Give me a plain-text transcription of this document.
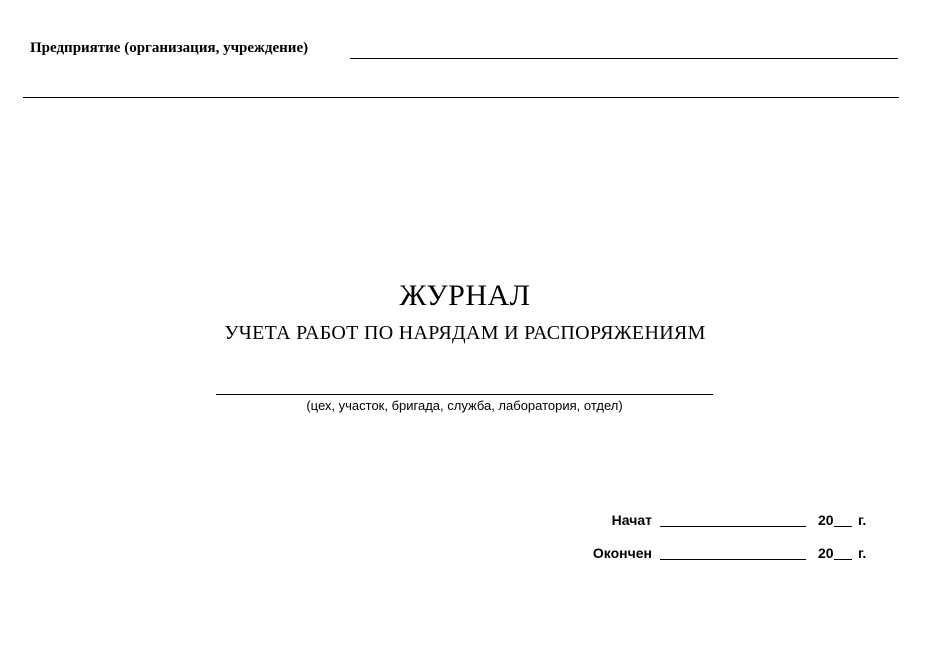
Предприятие (организация, учреждение)
ЖУРНАЛ
УЧЕТА РАБОТ ПО НАРЯДАМ И РАСПОРЯЖЕНИЯМ
(цех, участок, бригада, служба, лаборатория, отдел)
Начат	20 г.
Окончен	20 г.
